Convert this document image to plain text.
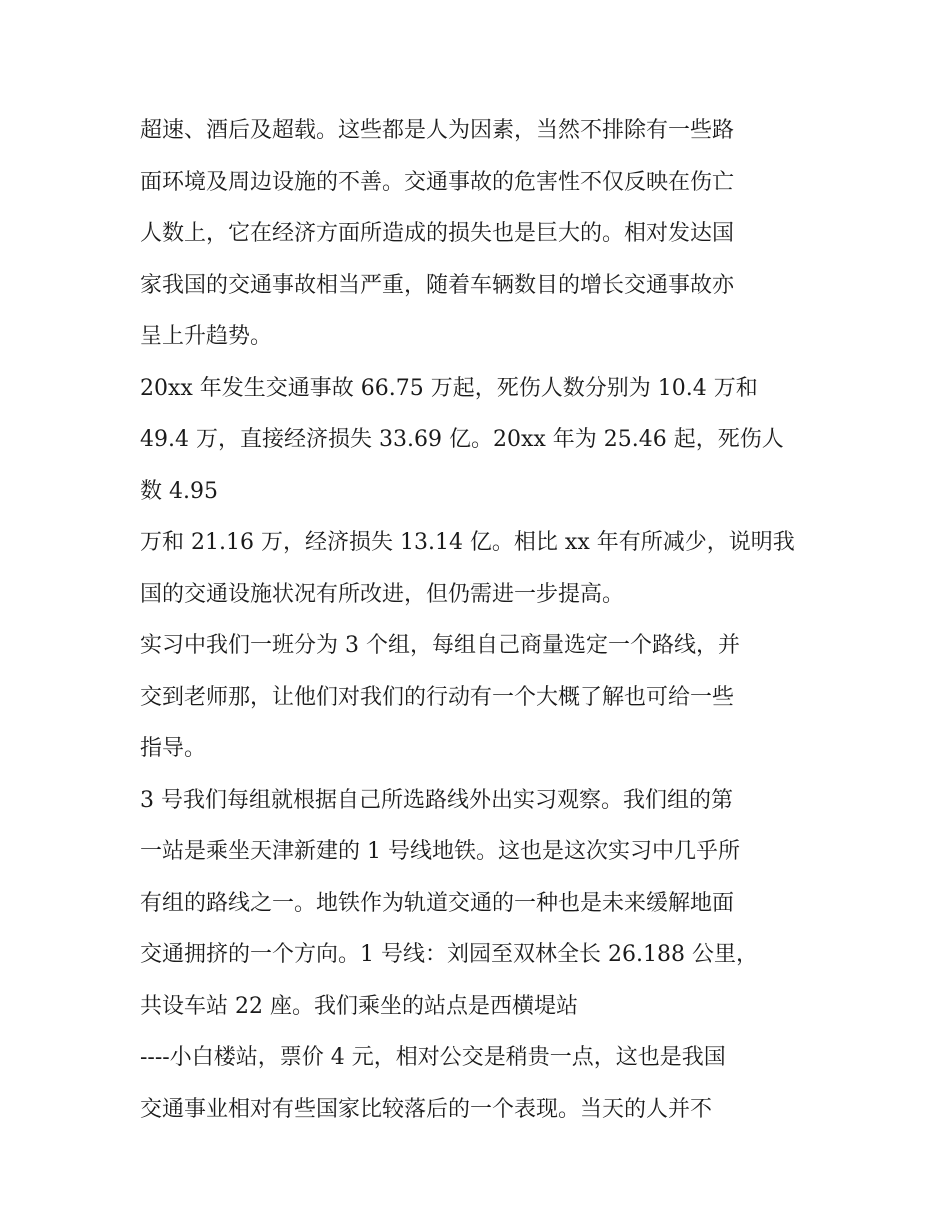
超速、酒后及超载。这些都是人为因素，当然不排除有一些路
面环境及周边设施的不善。交通事故的危害性不仅反映在伤亡
人数上，它在经济方面所造成的损失也是巨大的。相对发达国
家我国的交通事故相当严重，随着车辆数目的增长交通事故亦
呈上升趋势。
20xx 年发生交通事故 66.75 万起，死伤人数分别为 10.4 万和
49.4 万，直接经济损失 33.69 亿。20xx 年为 25.46 起，死伤人
数 4.95
万和 21.16 万，经济损失 13.14 亿。相比 xx 年有所减少，说明我
国的交通设施状况有所改进，但仍需进一步提高。
实习中我们一班分为 3 个组，每组自己商量选定一个路线，并
交到老师那，让他们对我们的行动有一个大概了解也可给一些
指导。
3 号我们每组就根据自己所选路线外出实习观察。我们组的第
一站是乘坐天津新建的 1 号线地铁。这也是这次实习中几乎所
有组的路线之一。地铁作为轨道交通的一种也是未来缓解地面
交通拥挤的一个方向。1 号线：刘园至双林全长 26.188 公里，
共设车站 22 座。我们乘坐的站点是西横堤站
----小白楼站，票价 4 元，相对公交是稍贵一点，这也是我国
交通事业相对有些国家比较落后的一个表现。当天的人并不
